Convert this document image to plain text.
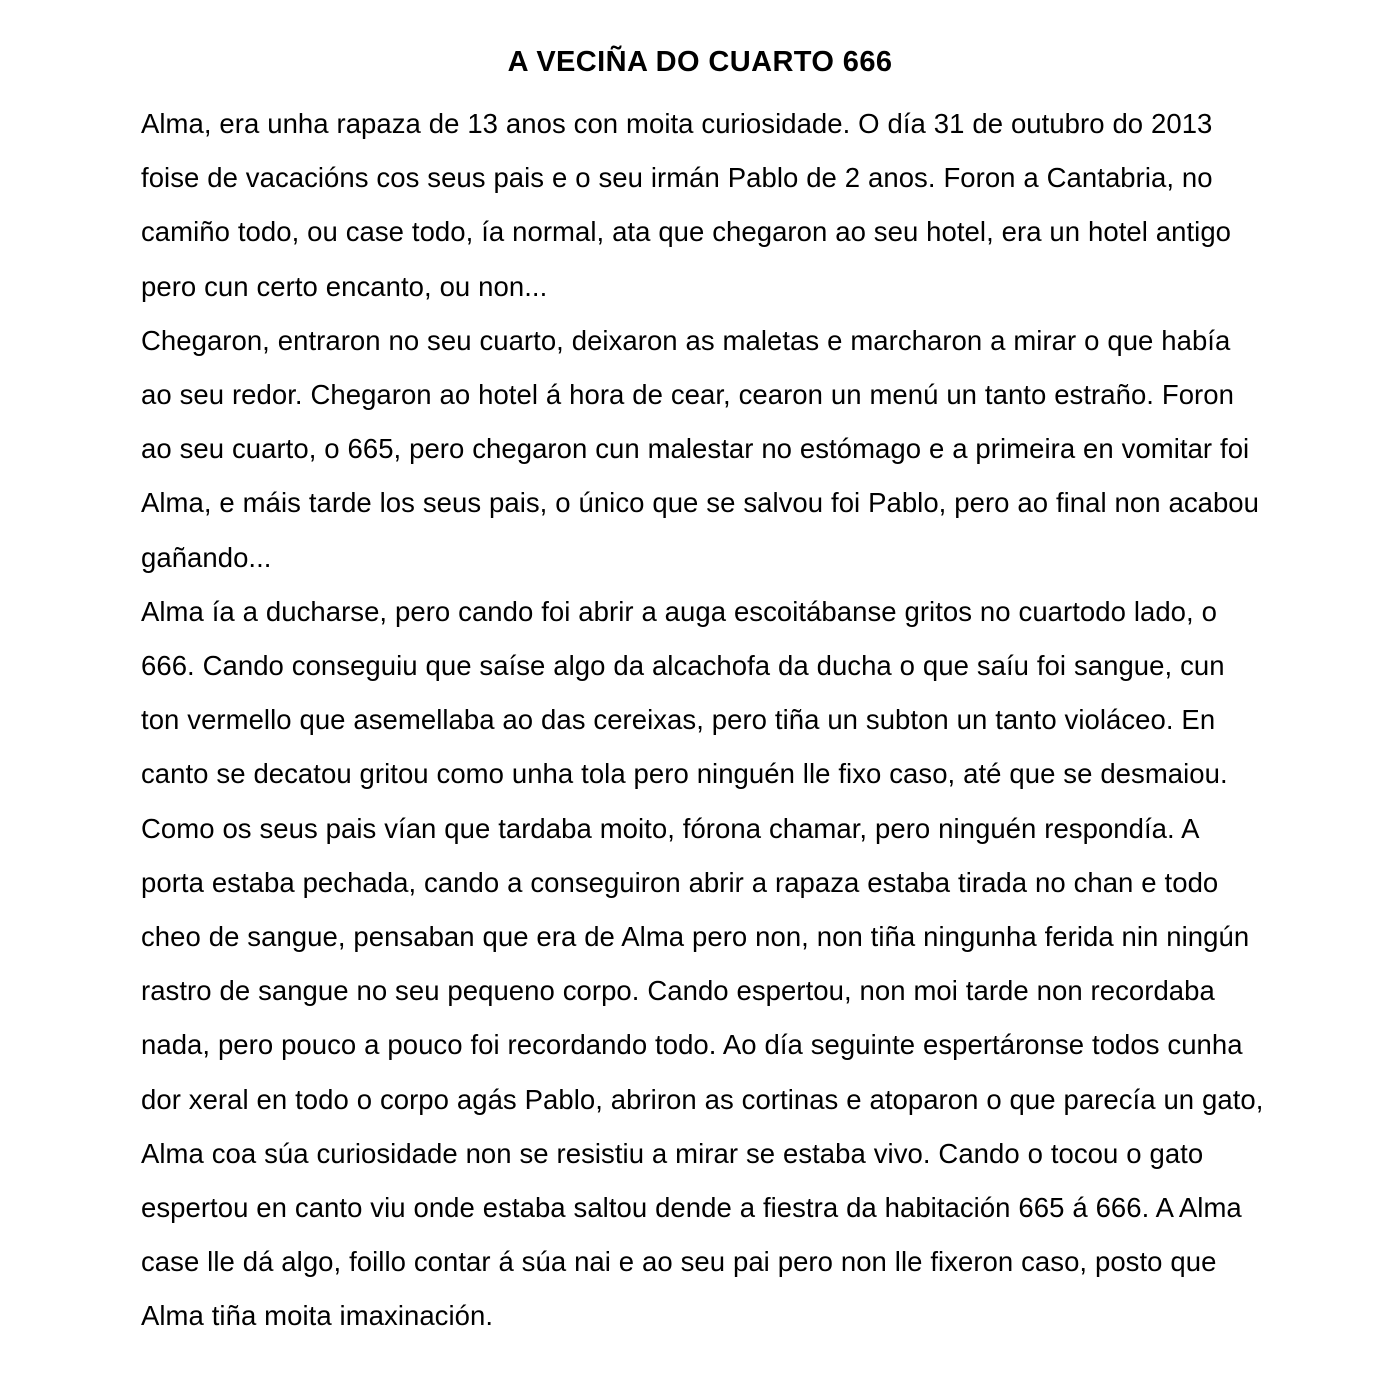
A VECIÑA DO CUARTO 666

Alma, era unha rapaza de 13 anos con moita curiosidade. O día 31 de outubro do 2013 foise de vacacións cos seus pais e o seu irmán Pablo de 2 anos. Foron a Cantabria, no camiño todo, ou case todo, ía normal, ata que chegaron ao seu hotel, era un hotel antigo pero cun certo encanto, ou non...

Chegaron, entraron no seu cuarto, deixaron as maletas e marcharon a mirar o que había ao seu redor. Chegaron ao hotel á hora de cear, cearon un menú un tanto estraño. Foron ao seu cuarto, o 665, pero chegaron cun malestar no estómago e a primeira en vomitar foi Alma, e máis tarde los seus pais, o único que se salvou foi Pablo, pero ao final non acabou gañando...

Alma ía a ducharse, pero cando foi abrir a auga escoitábanse gritos no cuartodo lado, o 666. Cando conseguiu que saíse algo da alcachofa da ducha o que saíu foi sangue, cun ton vermello que asemellaba ao das cereixas, pero tiña un subton un tanto violáceo. En canto se decatou gritou como unha tola pero ninguén lle fixo caso, até que se desmaiou. Como os seus pais vían que tardaba moito, fórona chamar, pero ninguén respondía. A porta estaba pechada, cando a conseguiron abrir a rapaza estaba tirada no chan e todo cheo de sangue, pensaban que era de Alma pero non, non tiña ningunha ferida nin ningún rastro de sangue no seu pequeno corpo. Cando espertou, non moi tarde non recordaba nada, pero pouco a pouco foi recordando todo. Ao día seguinte espertáronse todos cunha dor xeral en todo o corpo agás Pablo, abriron as cortinas e atoparon o que parecía un gato, Alma coa súa curiosidade non se resistiu a mirar se estaba vivo. Cando o tocou o gato espertou en canto viu onde estaba saltou dende a fiestra da habitación 665 á 666. A Alma case lle dá algo, foillo contar á súa nai e ao seu pai pero non lle fixeron caso, posto que Alma tiña moita imaxinación.
